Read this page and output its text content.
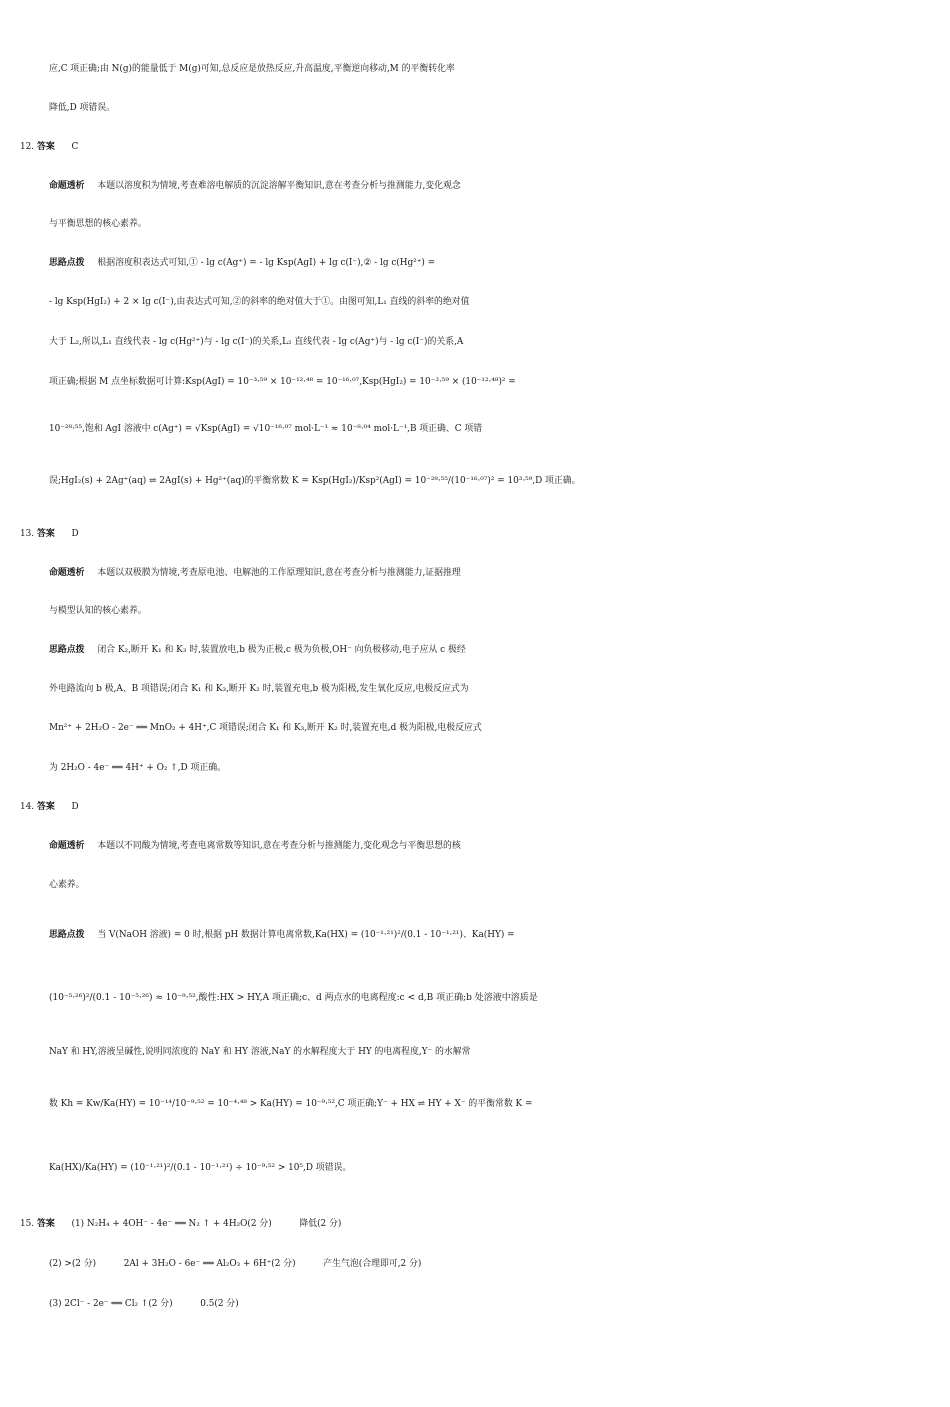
应,C 项正确;由 N(g)的能量低于 M(g)可知,总反应是放热反应,升高温度,平衡逆向移动,M 的平衡转化率
降低,D 项错误。
12. 答案 C
命题透析 本题以溶度积为情境,考查难溶电解质的沉淀溶解平衡知识,意在考查分析与推测能力,变化观念
与平衡思想的核心素养。
思路点拨 根据溶度积表达式可知,① - lg c(Ag⁺) = - lg Ksp(AgI) + lg c(I⁻),② - lg c(Hg²⁺) =
- lg Ksp(HgI₂) + 2 × lg c(I⁻),由表达式可知,②的斜率的绝对值大于①。由图可知,L₁ 直线的斜率的绝对值
大于 L₂,所以,L₁ 直线代表 - lg c(Hg²⁺)与 - lg c(I⁻)的关系,L₂ 直线代表 - lg c(Ag⁺)与 - lg c(I⁻)的关系,A
项正确;根据 M 点坐标数据可计算:Ksp(AgI) = 10⁻³·⁵⁹ × 10⁻¹²·⁴⁸ = 10⁻¹⁶·⁰⁷,Ksp(HgI₂) = 10⁻³·⁵⁹ × (10⁻¹²·⁴⁸)² =
10⁻²⁸·⁵⁵,饱和 AgI 溶液中 c(Ag⁺) = √Ksp(AgI) = √10⁻¹⁶·⁰⁷ mol·L⁻¹ ≈ 10⁻⁸·⁰⁴ mol·L⁻¹,B 项正确、C 项错
误;HgI₂(s) + 2Ag⁺(aq) ⇌ 2AgI(s) + Hg²⁺(aq)的平衡常数 K = Ksp(HgI₂)/Ksp²(AgI) = 10⁻²⁸·⁵⁵/(10⁻¹⁶·⁰⁷)² = 10³·⁵⁹,D 项正确。
13. 答案 D
命题透析 本题以双极膜为情境,考查原电池、电解池的工作原理知识,意在考查分析与推测能力,证据推理
与模型认知的核心素养。
思路点拨 闭合 K₂,断开 K₁ 和 K₃ 时,装置放电,b 极为正极,c 极为负极,OH⁻ 向负极移动,电子应从 c 极经
外电路流向 b 极,A、B 项错误;闭合 K₁ 和 K₃,断开 K₂ 时,装置充电,b 极为阳极,发生氧化反应,电极反应式为
Mn²⁺ + 2H₂O - 2e⁻ ══ MnO₂ + 4H⁺,C 项错误;闭合 K₁ 和 K₃,断开 K₂ 时,装置充电,d 极为阳极,电极反应式
为 2H₂O - 4e⁻ ══ 4H⁺ + O₂ ↑,D 项正确。
14. 答案 D
命题透析 本题以不同酸为情境,考查电离常数等知识,意在考查分析与推测能力,变化观念与平衡思想的核
心素养。
思路点拨 当 V(NaOH 溶液) = 0 时,根据 pH 数据计算电离常数,Ka(HX) = (10⁻¹·²¹)²/(0.1 - 10⁻¹·²¹)、Ka(HY) =
(10⁻⁵·²⁶)²/(0.1 - 10⁻⁵·²⁶) ≈ 10⁻⁹·⁵²,酸性:HX > HY,A 项正确;c、d 两点水的电离程度:c < d,B 项正确;b 处溶液中溶质是
NaY 和 HY,溶液呈碱性,说明同浓度的 NaY 和 HY 溶液,NaY 的水解程度大于 HY 的电离程度,Y⁻ 的水解常
数 Kh = Kw/Ka(HY) = 10⁻¹⁴/10⁻⁹·⁵² = 10⁻⁴·⁴⁸ > Ka(HY) = 10⁻⁹·⁵²,C 项正确;Y⁻ + HX ⇌ HY + X⁻ 的平衡常数 K =
Ka(HX)/Ka(HY) = (10⁻¹·²¹)²/(0.1 - 10⁻¹·²¹) ÷ 10⁻⁹·⁵² > 10⁵,D 项错误。
15. 答案 (1) N₂H₄ + 4OH⁻ - 4e⁻ ══ N₂ ↑ + 4H₂O(2 分)	降低(2 分)
(2) >(2 分)	2Al + 3H₂O - 6e⁻ ══ Al₂O₃ + 6H⁺(2 分)	产生气泡(合理即可,2 分)
(3) 2Cl⁻ - 2e⁻ ══ Cl₂ ↑(2 分)	0.5(2 分)
